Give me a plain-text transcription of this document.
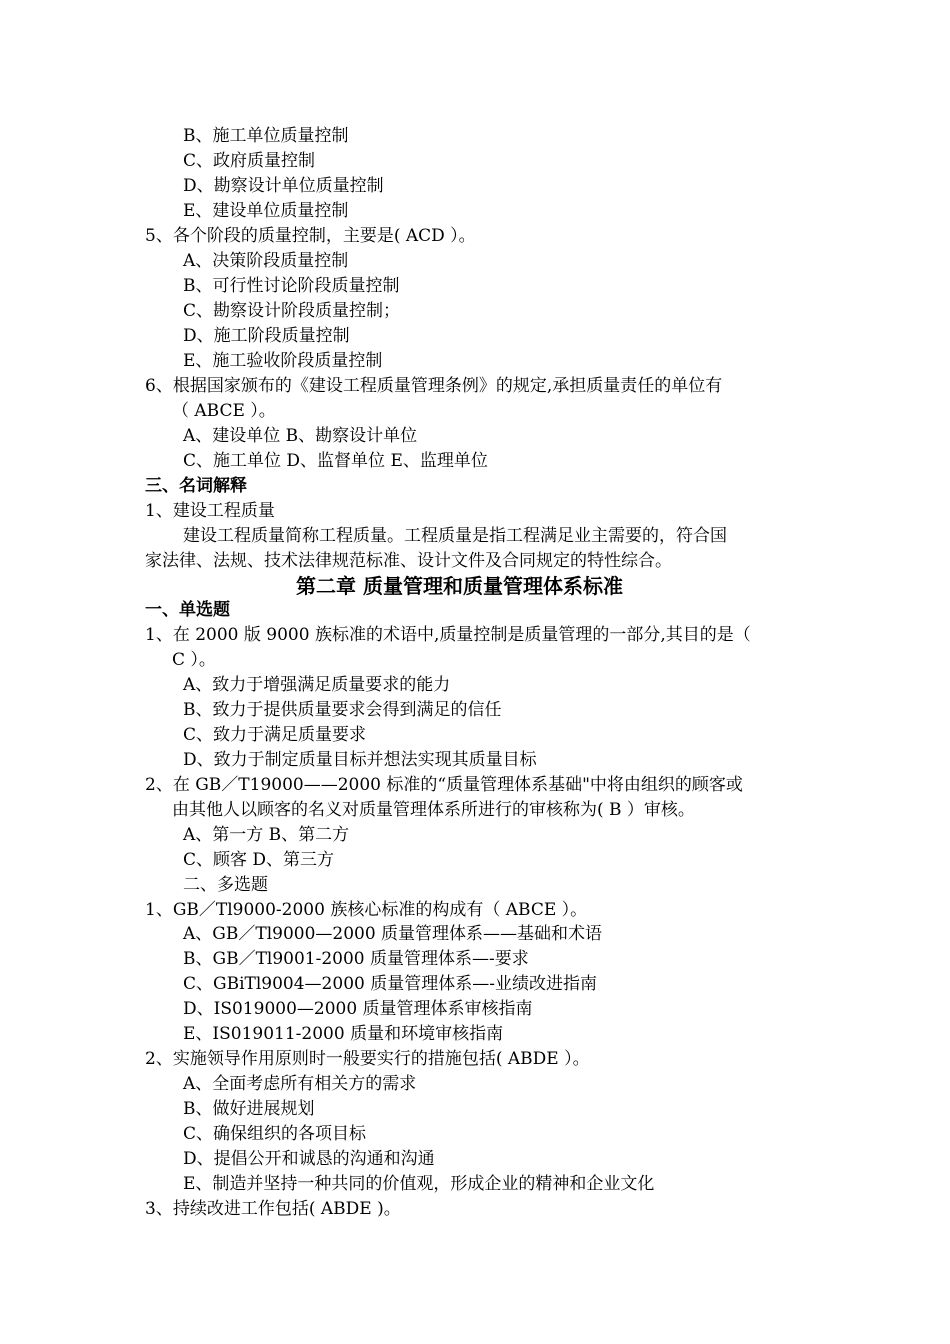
B、施工单位质量控制
C、政府质量控制
D、勘察设计单位质量控制
E、建设单位质量控制
5、各个阶段的质量控制，主要是( ACD ）。
A、决策阶段质量控制
B、可行性讨论阶段质量控制
C、勘察设计阶段质量控制；
D、施工阶段质量控制
E、施工验收阶段质量控制
6、根据国家颁布的《建设工程质量管理条例》的规定,承担质量责任的单位有
（ ABCE ）。
A、建设单位 B、勘察设计单位
C、施工单位 D、监督单位 E、监理单位
三、名词解释
1、建设工程质量
建设工程质量简称工程质量。工程质量是指工程满足业主需要的，符合国
家法律、法规、技术法律规范标准、设计文件及合同规定的特性综合。
第二章 质量管理和质量管理体系标准
一、单选题
1、在 2000 版 9000 族标准的术语中,质量控制是质量管理的一部分,其目的是（
C ）。
A、致力于增强满足质量要求的能力
B、致力于提供质量要求会得到满足的信任
C、致力于满足质量要求
D、致力于制定质量目标并想法实现其质量目标
2、在 GB／T19000——2000 标准的“质量管理体系基础"中将由组织的顾客或
由其他人以顾客的名义对质量管理体系所进行的审核称为( B ）审核。
A、第一方 B、第二方
C、顾客 D、第三方
二、多选题
1、GB／Tl9000-2000 族核心标准的构成有（ ABCE ）。
A、GB／Tl9000—2000 质量管理体系——基础和术语
B、GB／Tl9001-2000 质量管理体系—-要求
C、GBiTl9004—2000 质量管理体系—-业绩改进指南
D、IS019000—2000 质量管理体系审核指南
E、IS019011-2000 质量和环境审核指南
2、实施领导作用原则时一般要实行的措施包括( ABDE ）。
A、全面考虑所有相关方的需求
B、做好进展规划
C、确保组织的各项目标
D、提倡公开和诚恳的沟通和沟通
E、制造并坚持一种共同的价值观，形成企业的精神和企业文化
3、持续改进工作包括( ABDE )。
